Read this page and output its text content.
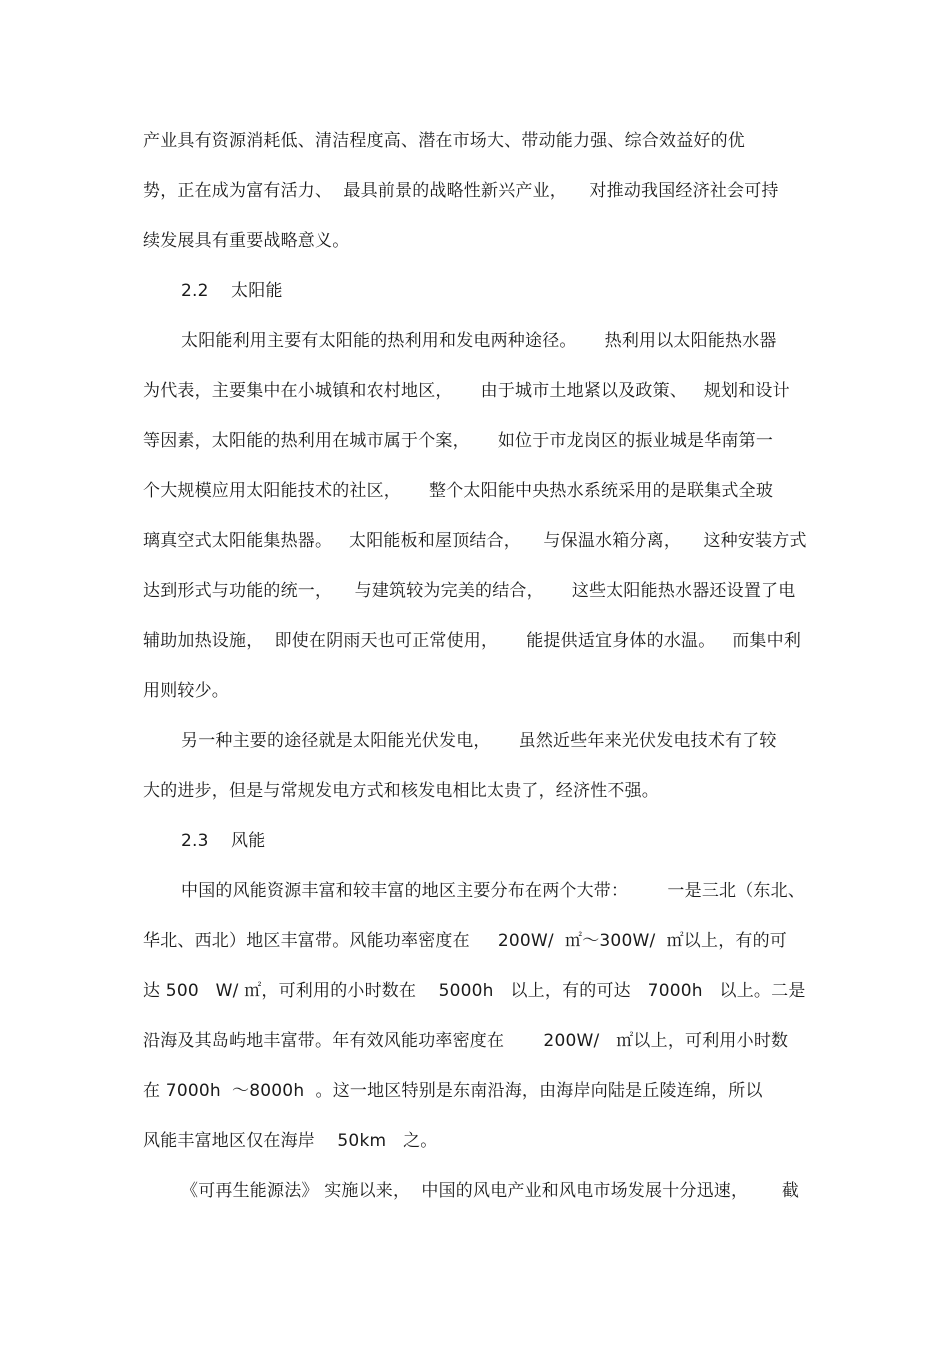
产业具有资源消耗低、清洁程度高、潜在市场大、带动能力强、综合效益好的优
势，正在成为富有活力、  最具前景的战略性新兴产业，    对推动我国经济社会可持
续发展具有重要战略意义。
2.2    太阳能
太阳能利用主要有太阳能的热利用和发电两种途径。     热利用以太阳能热水器
为代表，主要集中在小城镇和农村地区，     由于城市土地紧以及政策、   规划和设计
等因素，太阳能的热利用在城市属于个案，     如位于市龙岗区的振业城是华南第一
个大规模应用太阳能技术的社区，     整个太阳能中央热水系统采用的是联集式全玻
璃真空式太阳能集热器。   太阳能板和屋顶结合，    与保温水箱分离，    这种安装方式
达到形式与功能的统一，    与建筑较为完美的结合，     这些太阳能热水器还设置了电
辅助加热设施，  即使在阴雨天也可正常使用，     能提供适宜身体的水温。   而集中利
用则较少。
另一种主要的途径就是太阳能光伏发电，     虽然近些年来光伏发电技术有了较
大的进步，但是与常规发电方式和核发电相比太贵了，经济性不强。
2.3    风能
中国的风能资源丰富和较丰富的地区主要分布在两个大带：       一是三北（东北、
华北、西北）地区丰富带。风能功率密度在     200W/  ㎡～300W/  ㎡以上，有的可
达 500   W/ ㎡，可利用的小时数在    5000h   以上，有的可达   7000h   以上。二是
沿海及其岛屿地丰富带。年有效风能功率密度在       200W/   ㎡以上，可利用小时数
在 7000h  ～8000h  。这一地区特别是东南沿海，由海岸向陆是丘陵连绵，所以
风能丰富地区仅在海岸    50km   之。
《可再生能源法》 实施以来，  中国的风电产业和风电市场发展十分迅速，      截
